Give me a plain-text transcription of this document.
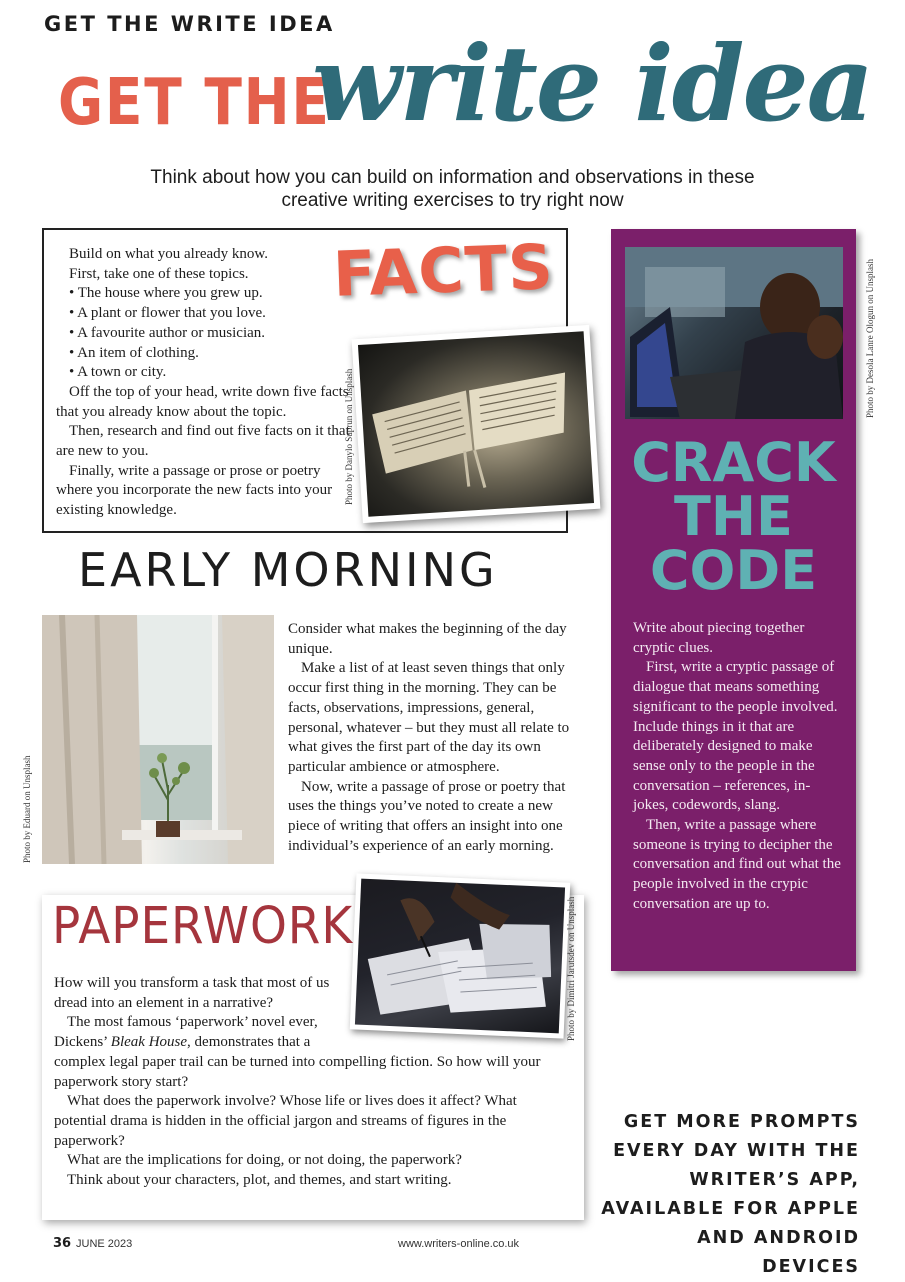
GET THE WRITE IDEA
GET THE
write idea
Think about how you can build on information and observations in these creative writing exercises to try right now

Build on what you already know.

First, take one of these topics.

• The house where you grew up.
• A plant or flower that you love.
• A favourite author or musician.
• An item of clothing.
• A town or city.

Off the top of your head, write down five facts that you already know about the topic.

Then, research and find out five facts on it that are new to you.

Finally, write a passage or prose or poetry where you incorporate the new facts into your existing knowledge.

FACTS
Photo by Danylo Suprun on Unsplash
Photo by Desola Lanre Ologun on Unsplash
CRACK
THE
CODE

Write about piecing together cryptic clues.

First, write a cryptic passage of dialogue that means something significant to the people involved. Include things in it that are deliberately designed to make sense only to the people in the conversation – references, in-jokes, codewords, slang.

Then, write a passage where someone is trying to decipher the conversation and find out what the people involved in the crypic conversation are up to.

EARLY MORNING
Photo by Eduard on Unsplash

Consider what makes the beginning of the day unique.

Make a list of at least seven things that only occur first thing in the morning. They can be facts, observations, impressions, general, personal, whatever – but they must all relate to what gives the first part of the day its own particular ambience or atmosphere.

Now, write a passage of prose or poetry that uses the things you’ve noted to create a new piece of writing that offers an insight into one individual’s experience of an early morning.

PAPERWORK	Photo by Dimitri Jarutsdev on Unsplash

How will you transform a task that most of us dread into an element in a narrative?

The most famous ‘paperwork’ novel ever, Dickens’ Bleak House, demonstrates that a

complex legal paper trail can be turned into compelling fiction. So how will your paperwork story start?

What does the paperwork involve? Whose life or lives does it affect? What potential drama is hidden in the official jargon and streams of figures in the paperwork?

What are the implications for doing, or not doing, the paperwork?

Think about your characters, plot, and themes, and start writing.

GET MORE PROMPTS EVERY DAY WITH THE WRITER’S APP, AVAILABLE FOR APPLE AND ANDROID DEVICES
36 JUNE 2023	www.writers-online.co.uk
